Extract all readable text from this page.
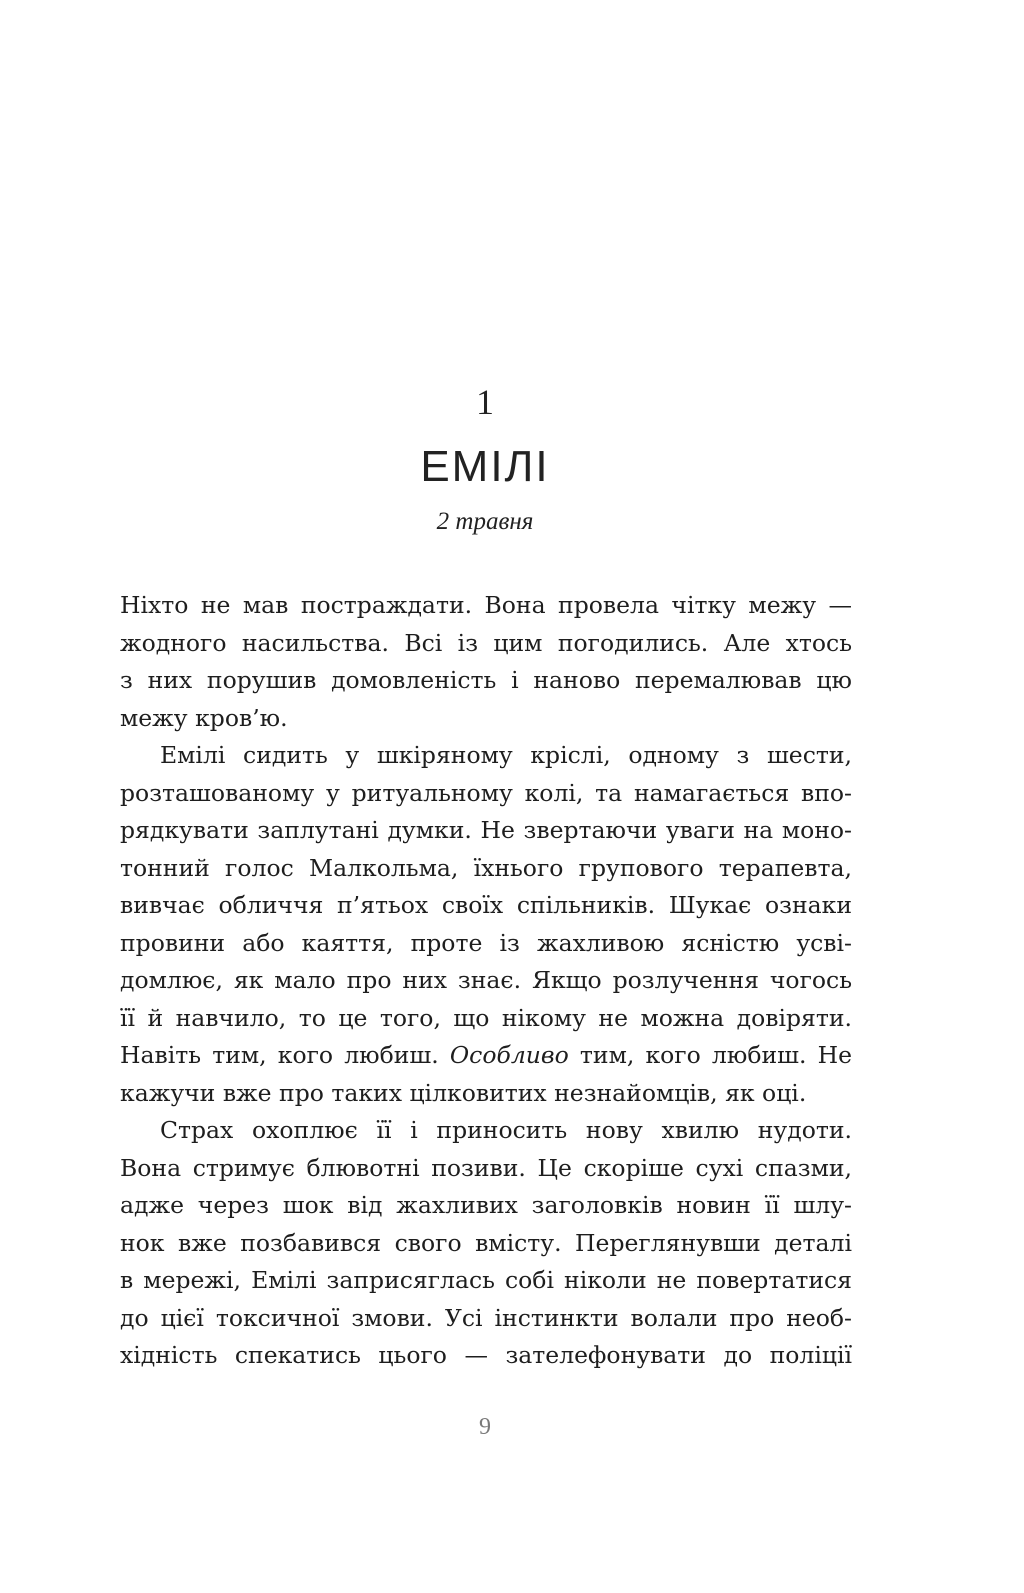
1
ЕМІЛІ
2 травня
Ніхто не мав постраждати. Вона провела чітку межу —
жодного насильства. Всі із цим погодились. Але хтось
з них порушив домовленість і наново перемалював цю
межу кров’ю.
Емілі сидить у шкіряному кріслі, одному з шести,
розташованому у ритуальному колі, та намагається впо-
рядкувати заплутані думки. Не звертаючи уваги на моно-
тонний голос Малкольма, їхнього групового терапевта,
вивчає обличчя п’ятьох своїх спільників. Шукає ознаки
провини або каяття, проте із жахливою ясністю усві-
домлює, як мало про них знає. Якщо розлучення чогось
її й навчило, то це того, що нікому не можна довіряти.
Навіть тим, кого любиш. Особливо тим, кого любиш. Не
кажучи вже про таких цілковитих незнайомців, як оці.
Страх охоплює її і приносить нову хвилю нудоти.
Вона стримує блювотні позиви. Це скоріше сухі спазми,
адже через шок від жахливих заголовків новин її шлу-
нок вже позбавився свого вмісту. Переглянувши деталі
в мережі, Емілі заприсяглась собі ніколи не повертатися
до цієї токсичної змови. Усі інстинкти волали про необ-
хідність спекатись цього — зателефонувати до поліції
9
